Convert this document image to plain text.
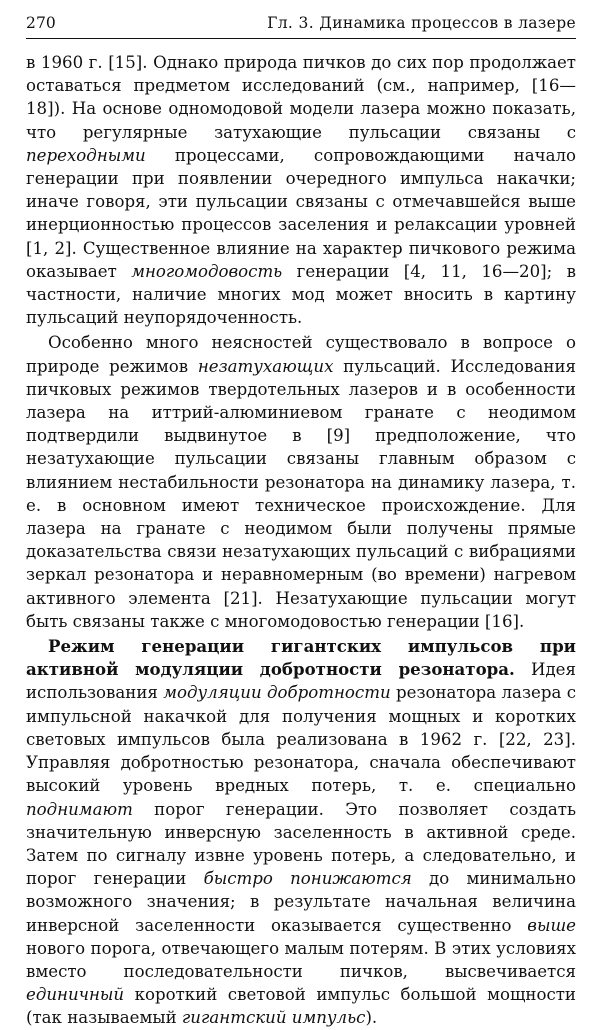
270	Гл. 3. Динамика процессов в лазере

в 1960 г. [15]. Однако природа пичков до сих пор продолжает оставаться предметом исследований (см., например, [16—18]). На основе одномодовой модели лазера можно показать, что регулярные затухающие пульсации связаны с переходными процессами, сопровождающими начало генерации при появлении очередного импульса накачки; иначе говоря, эти пульсации связаны с отмечавшейся выше инерционностью процессов заселения и релаксации уровней [1, 2]. Существенное влияние на характер пичкового режима оказывает многомодовость генерации [4, 11, 16—20]; в частности, наличие многих мод может вносить в картину пульсаций неупорядоченность.

Особенно много неясностей существовало в вопросе о природе режимов незатухающих пульсаций. Исследования пичковых режимов твердотельных лазеров и в особенности лазера на иттрий-алюминиевом гранате с неодимом подтвердили выдвинутое в [9] предположение, что незатухающие пульсации связаны главным образом с влиянием нестабильности резонатора на динамику лазера, т. е. в основном имеют техническое происхождение. Для лазера на гранате с неодимом были получены прямые доказательства связи незатухающих пульсаций с вибрациями зеркал резонатора и неравномерным (во времени) нагревом активного элемента [21]. Незатухающие пульсации могут быть связаны также с многомодовостью генерации [16].

Режим генерации гигантских импульсов при активной модуляции добротности резонатора. Идея использования модуляции добротности резонатора лазера с импульсной накачкой для получения мощных и коротких световых импульсов была реализована в 1962 г. [22, 23]. Управляя добротностью резонатора, сначала обеспечивают высокий уровень вредных потерь, т. е. специально поднимают порог генерации. Это позволяет создать значительную инверсную заселенность в активной среде. Затем по сигналу извне уровень потерь, а следовательно, и порог генерации быстро понижаются до минимально возможного значения; в результате начальная величина инверсной заселенности оказывается существенно выше нового порога, отвечающего малым потерям. В этих условиях вместо последовательности пичков, высвечивается единичный короткий световой импульс большой мощности (так называемый гигантский импульс).
